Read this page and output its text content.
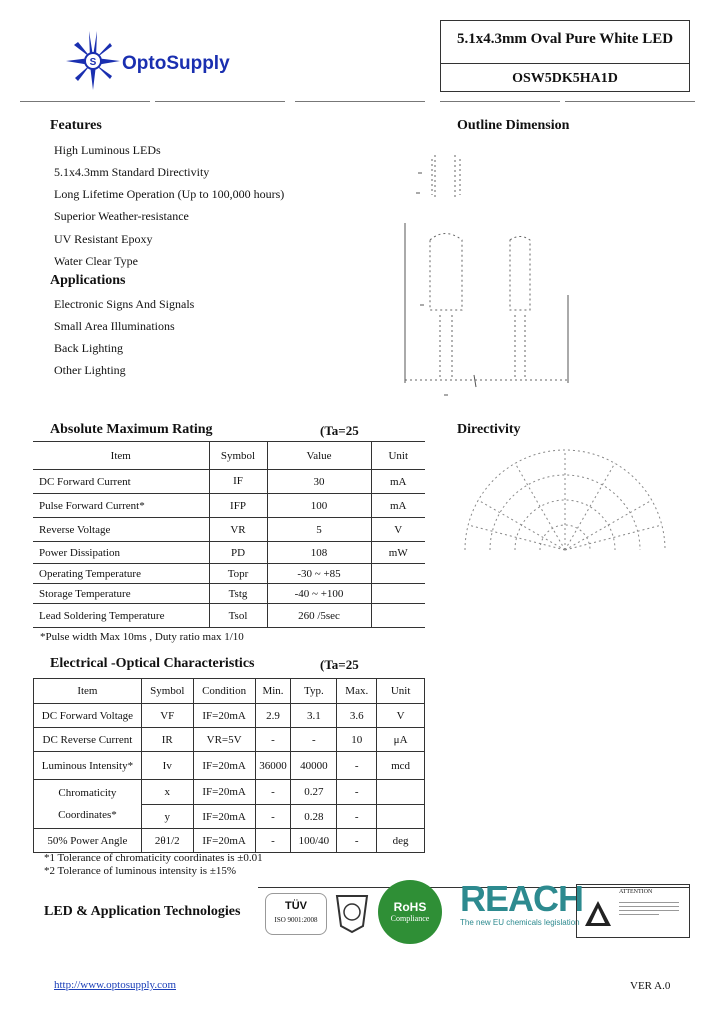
S OptoSupply
5.1x4.3mm Oval Pure White LED
OSW5DK5HA1D
Features
High Luminous LEDs
5.1x4.3mm Standard Directivity
Long Lifetime Operation (Up to 100,000 hours)
Superior Weather-resistance
UV Resistant Epoxy
Water Clear Type
Applications
Electronic Signs And Signals
Small Area Illuminations
Back Lighting
Other Lighting
Outline Dimension
Directivity
Absolute Maximum Rating	(Ta=25
Item	Symbol	Value	Unit
DC Forward Current	IF	30	mA
Pulse Forward Current*	IFP	100	mA
Reverse Voltage	VR	5	V
Power Dissipation	PD	108	mW
Operating Temperature	Topr	-30 ~ +85	
Storage Temperature	Tstg	-40 ~ +100	
Lead Soldering Temperature	Tsol	260 /5sec	
*Pulse width Max 10ms , Duty ratio max 1/10
Electrical -Optical Characteristics	(Ta=25
Item	Symbol	Condition	Min.	Typ.	Max.	Unit
DC Forward Voltage	VF	IF=20mA	2.9	3.1	3.6	V
DC Reverse Current	IR	VR=5V	-	-	10	μA
Luminous Intensity*	Iv	IF=20mA	36000	40000	-	mcd
Chromaticity Coordinates*	x	IF=20mA	-	0.27	-	
	y	IF=20mA	-	0.28	-	
50% Power Angle	2θ1/2	IF=20mA	-	100/40	-	deg
*1 Tolerance of chromaticity coordinates is ±0.01
*2 Tolerance of luminous intensity is ±15%
LED & Application Technologies	TÜV
ISO 9001:2008
RoHS
Compliance REACH
The new EU chemicals legislation
ATTENTION
http://www.optosupply.com	VER A.0
